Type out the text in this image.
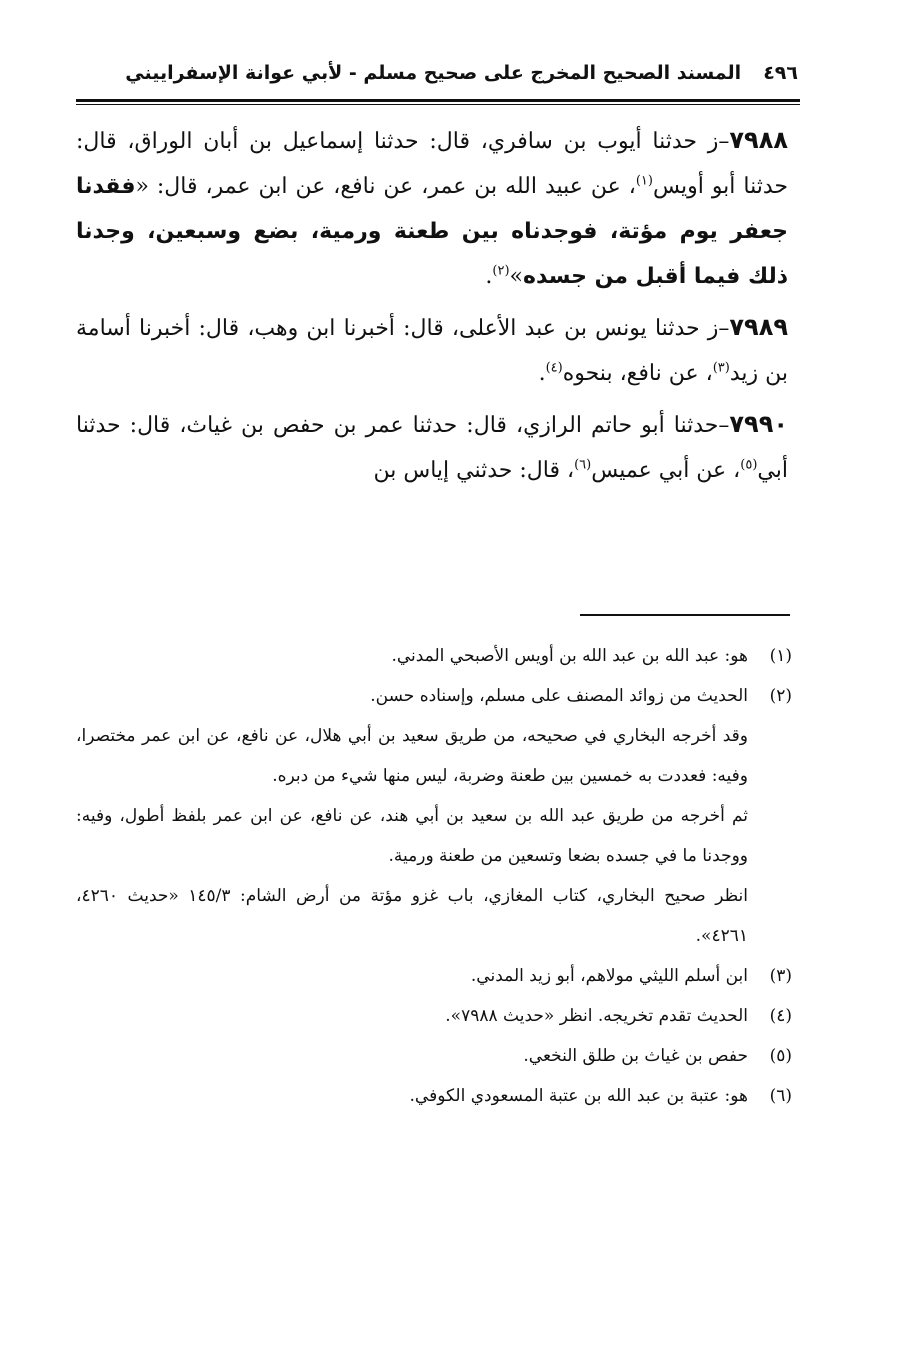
٤٩٦
المسند الصحيح المخرج على صحيح مسلم - لأبي عوانة الإسفراييني

٧٩٨٨–ز حدثنا أيوب بن سافري، قال: حدثنا إسماعيل بن أبان الوراق، قال: حدثنا أبو أويس$^{(١)}$، عن عبيد الله بن عمر، عن نافع، عن ابن عمر، قال: «فقدنا جعفر يوم مؤتة، فوجدناه بين طعنة ورمية، بضع وسبعين، وجدنا ذلك فيما أقبل من جسده»$^{(٢)}$.

٧٩٨٩–ز حدثنا يونس بن عبد الأعلى، قال: أخبرنا ابن وهب، قال: أخبرنا أسامة بن زيد$^{(٣)}$، عن نافع، بنحوه$^{(٤)}$.

٧٩٩٠–حدثنا أبو حاتم الرازي، قال: حدثنا عمر بن حفص بن غياث، قال: حدثنا أبي$^{(٥)}$، عن أبي عميس$^{(٦)}$، قال: حدثني إياس بن

(١)
هو: عبد الله بن عبد الله بن أويس الأصبحي المدني.
(٢)
الحديث من زوائد المصنف على مسلم، وإسناده حسن.

وقد أخرجه البخاري في صحيحه، من طريق سعيد بن أبي هلال، عن نافع، عن ابن عمر مختصرا، وفيه: فعددت به خمسين بين طعنة وضربة، ليس منها شيء من دبره.

ثم أخرجه من طريق عبد الله بن سعيد بن أبي هند، عن نافع، عن ابن عمر بلفظ أطول، وفيه: ووجدنا ما في جسده بضعا وتسعين من طعنة ورمية.

انظر صحيح البخاري، كتاب المغازي، باب غزو مؤتة من أرض الشام: ١٤٥/٣ «حديث ٤٢٦٠، ٤٢٦١».

(٣)
ابن أسلم الليثي مولاهم، أبو زيد المدني.
(٤)
الحديث تقدم تخريجه. انظر «حديث ٧٩٨٨».
(٥)
حفص بن غياث بن طلق النخعي.
(٦)
هو: عتبة بن عبد الله بن عتبة المسعودي الكوفي.
